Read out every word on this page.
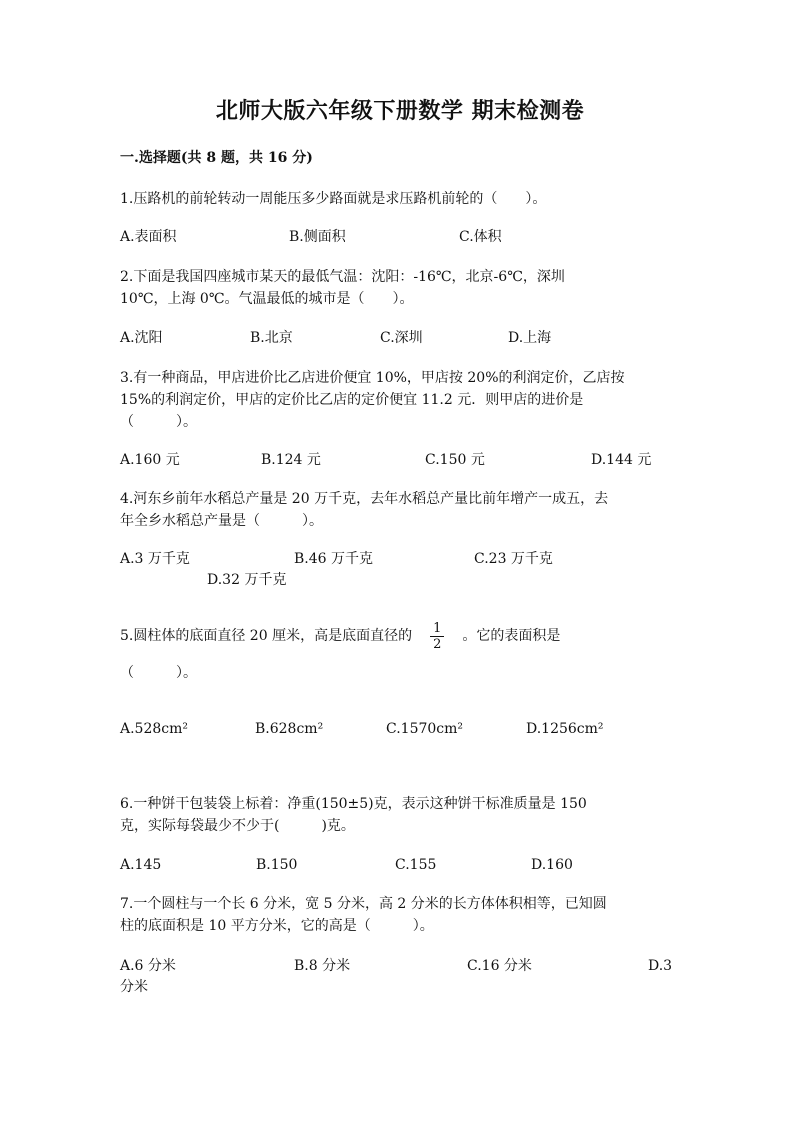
北师大版六年级下册数学 期末检测卷
一.选择题(共 8 题，共 16 分)
1.压路机的前轮转动一周能压多少路面就是求压路机前轮的（　　）。
A.表面积	B.侧面积	C.体积
2.下面是我国四座城市某天的最低气温：沈阳：-16℃，北京-6℃，深圳
10℃，上海 0℃。气温最低的城市是（　　）。
A.沈阳	B.北京	C.深圳	D.上海
3.有一种商品，甲店进价比乙店进价便宜 10%，甲店按 20%的利润定价，乙店按
15%的利润定价，甲店的定价比乙店的定价便宜 11.2 元．则甲店的进价是
（　　　）。
A.160 元	B.124 元	C.150 元	D.144 元
4.河东乡前年水稻总产量是 20 万千克，去年水稻总产量比前年增产一成五，去
年全乡水稻总产量是（　　　）。
A.3 万千克	B.46 万千克	C.23 万千克
D.32 万千克
5.圆柱体的底面直径 20 厘米，高是底面直径的 $\frac{1}{2}$ 。它的表面积是
（　　　）。
A.528cm²	B.628cm²	C.1570cm²	D.1256cm²
6.一种饼干包装袋上标着：净重(150±5)克，表示这种饼干标准质量是 150
克，实际每袋最少不少于(　　　)克。
A.145	B.150	C.155	D.160
7.一个圆柱与一个长 6 分米，宽 5 分米，高 2 分米的长方体体积相等，已知圆
柱的底面积是 10 平方分米，它的高是（　　　）。
A.6 分米	B.8 分米	C.16 分米	D.3
分米
